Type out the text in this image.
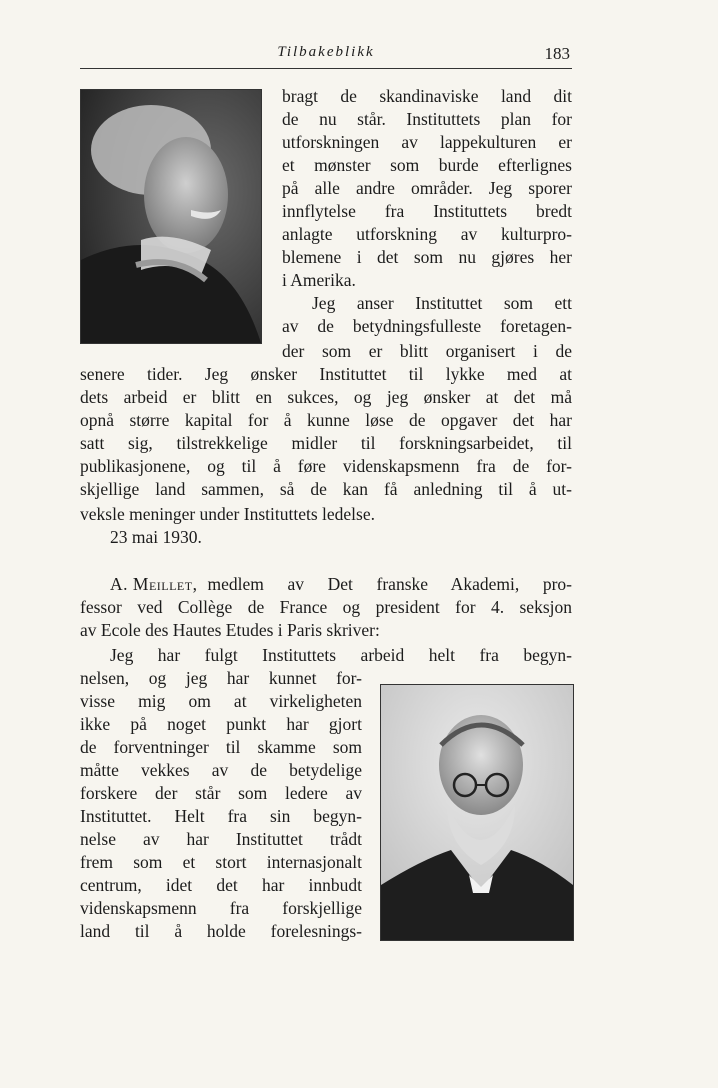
Tilbakeblikk	183
bragt de skandinaviske land dit
de nu står. Instituttets plan for
utforskningen av lappekulturen er
et mønster som burde efterlignes
på alle andre områder. Jeg sporer
innflytelse fra Instituttets bredt
anlagte utforskning av kulturpro-
blemene i det som nu gjøres her
i Amerika.
Jeg anser Instituttet som ett
av de betydningsfulleste foretagen-
der som er blitt organisert i de
senere tider. Jeg ønsker Instituttet til lykke med at
dets arbeid er blitt en sukces, og jeg ønsker at det må
opnå større kapital for å kunne løse de opgaver det har
satt sig, tilstrekkelige midler til forskningsarbeidet, til
publikasjonene, og til å føre videnskapsmenn fra de for-
skjellige land sammen, så de kan få anledning til å ut-
veksle meninger under Instituttets ledelse.
23 mai 1930.
A. Meillet, medlem av Det franske Akademi, pro-
fessor ved Collège de France og president for 4. seksjon
av Ecole des Hautes Etudes i Paris skriver:
Jeg har fulgt Instituttets arbeid helt fra begyn-
nelsen, og jeg har kunnet for-
visse mig om at virkeligheten
ikke på noget punkt har gjort
de forventninger til skamme som
måtte vekkes av de betydelige
forskere der står som ledere av
Instituttet. Helt fra sin begyn-
nelse av har Instituttet trådt
frem som et stort internasjonalt
centrum, idet det har innbudt
videnskapsmenn fra forskjellige
land til å holde forelesnings-
